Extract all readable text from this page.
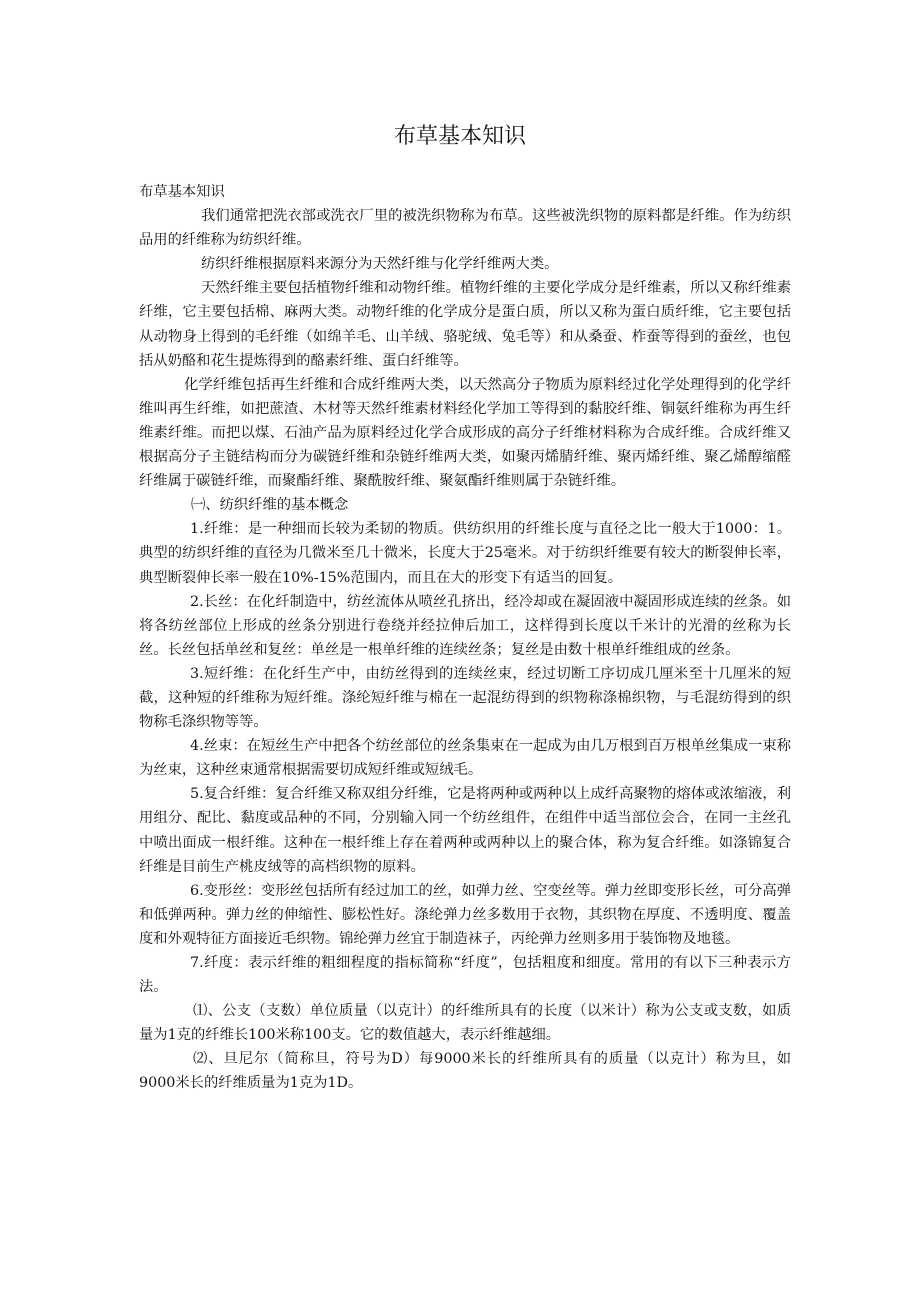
布草基本知识

布草基本知识

我们通常把洗衣部或洗衣厂里的被洗织物称为布草。这些被洗织物的原料都是纤维。作为纺织品用的纤维称为纺织纤维。

纺织纤维根据原料来源分为天然纤维与化学纤维两大类。

天然纤维主要包括植物纤维和动物纤维。植物纤维的主要化学成分是纤维素，所以又称纤维素纤维，它主要包括棉、麻两大类。动物纤维的化学成分是蛋白质，所以又称为蛋白质纤维，它主要包括从动物身上得到的毛纤维（如绵羊毛、山羊绒、骆驼绒、兔毛等）和从桑蚕、柞蚕等得到的蚕丝，也包括从奶酪和花生提炼得到的酪素纤维、蛋白纤维等。

化学纤维包括再生纤维和合成纤维两大类，以天然高分子物质为原料经过化学处理得到的化学纤维叫再生纤维，如把蔗渣、木材等天然纤维素材料经化学加工等得到的黏胶纤维、铜氨纤维称为再生纤维素纤维。而把以煤、石油产品为原料经过化学合成形成的高分子纤维材料称为合成纤维。合成纤维又根据高分子主链结构而分为碳链纤维和杂链纤维两大类，如聚丙烯腈纤维、聚丙烯纤维、聚乙烯醇缩醛纤维属于碳链纤维，而聚酯纤维、聚酰胺纤维、聚氨酯纤维则属于杂链纤维。

㈠、纺织纤维的基本概念

1.纤维：是一种细而长较为柔韧的物质。供纺织用的纤维长度与直径之比一般大于1000：1。典型的纺织纤维的直径为几微米至几十微米，长度大于25毫米。对于纺织纤维要有较大的断裂伸长率，典型断裂伸长率一般在10%-15%范围内，而且在大的形变下有适当的回复。

2.长丝：在化纤制造中，纺丝流体从喷丝孔挤出，经冷却或在凝固液中凝固形成连续的丝条。如将各纺丝部位上形成的丝条分别进行卷绕并经拉伸后加工，这样得到长度以千米计的光滑的丝称为长丝。长丝包括单丝和复丝：单丝是一根单纤维的连续丝条；复丝是由数十根单纤维组成的丝条。

3.短纤维：在化纤生产中，由纺丝得到的连续丝束，经过切断工序切成几厘米至十几厘米的短截，这种短的纤维称为短纤维。涤纶短纤维与棉在一起混纺得到的织物称涤棉织物，与毛混纺得到的织物称毛涤织物等等。

4.丝束：在短丝生产中把各个纺丝部位的丝条集束在一起成为由几万根到百万根单丝集成一束称为丝束，这种丝束通常根据需要切成短纤维或短绒毛。

5.复合纤维：复合纤维又称双组分纤维，它是将两种或两种以上成纤高聚物的熔体或浓缩液，利用组分、配比、黏度或品种的不同，分别输入同一个纺丝组件，在组件中适当部位会合，在同一主丝孔中喷出面成一根纤维。这种在一根纤维上存在着两种或两种以上的聚合体，称为复合纤维。如涤锦复合纤维是目前生产桃皮绒等的高档织物的原料。

6.变形丝：变形丝包括所有经过加工的丝，如弹力丝、空变丝等。弹力丝即变形长丝，可分高弹和低弹两种。弹力丝的伸缩性、膨松性好。涤纶弹力丝多数用于衣物，其织物在厚度、不透明度、覆盖度和外观特征方面接近毛织物。锦纶弹力丝宜于制造袜子，丙纶弹力丝则多用于装饰物及地毯。

7.纤度：表示纤维的粗细程度的指标简称“纤度”，包括粗度和细度。常用的有以下三种表示方法。

⑴、公支（支数）单位质量（以克计）的纤维所具有的长度（以米计）称为公支或支数，如质量为1克的纤维长100米称100支。它的数值越大，表示纤维越细。

⑵、旦尼尔（简称旦，符号为D）每9000米长的纤维所具有的质量（以克计）称为旦，如9000米长的纤维质量为1克为1D。
